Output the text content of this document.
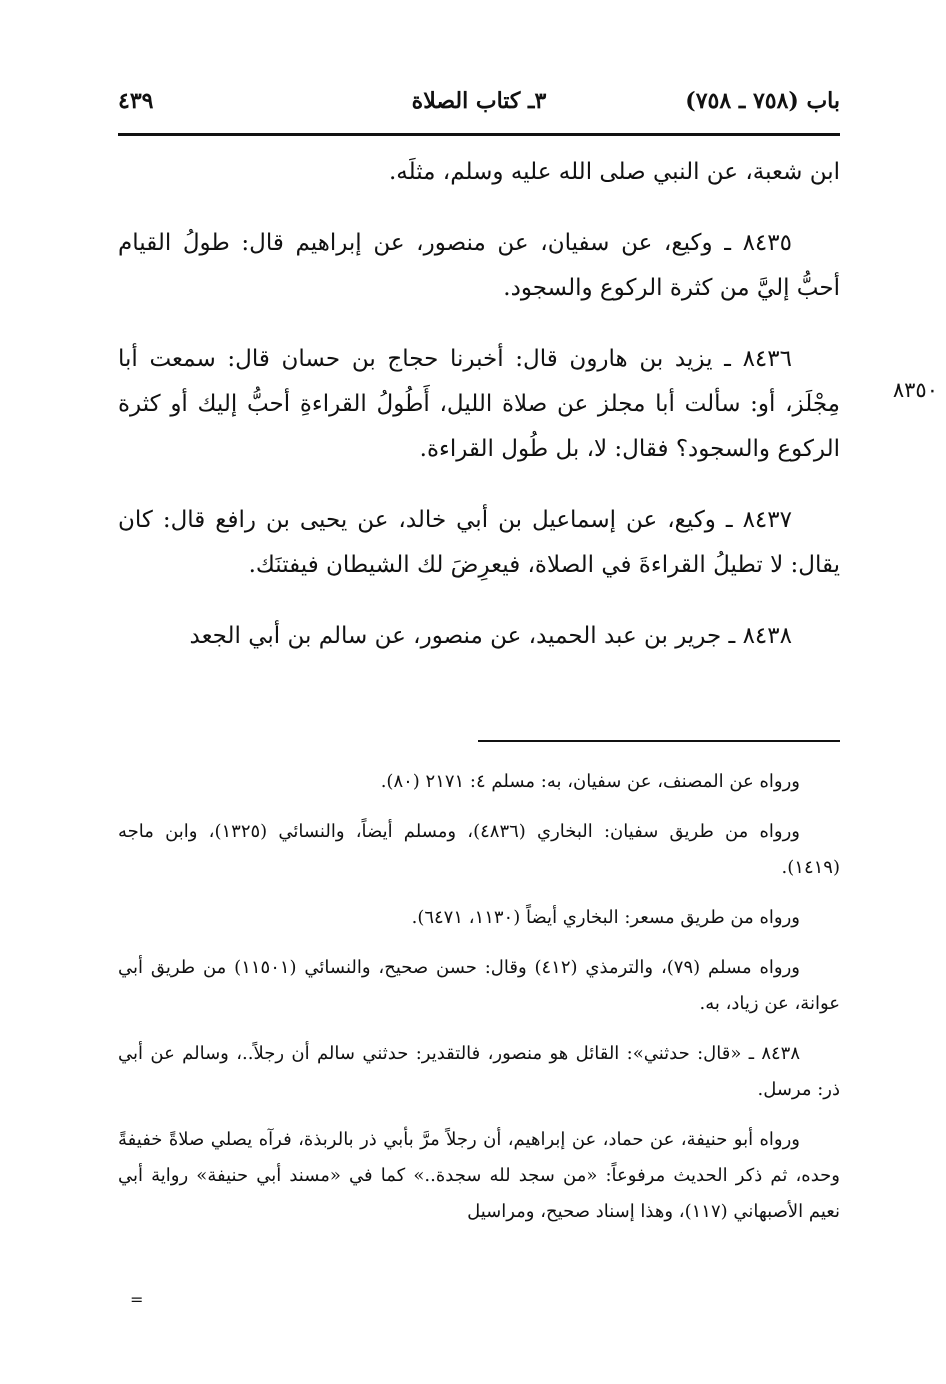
باب (٧٥٨ ـ ٧٥٨)
٣ـ كتاب الصلاة
٤٣٩

ابن شعبة، عن النبي صلى الله عليه وسلم، مثلَه.

٨٤٣٥ ـ وكيع، عن سفيان، عن منصور، عن إبراهيم قال: طولُ القيام أحبُّ إليَّ من كثرة الركوع والسجود.

٨٤٣٦ ـ يزيد بن هارون قال: أخبرنا حجاج بن حسان قال: سمعت أبا مِجْلَز، أو: سألت أبا مجلز عن صلاة الليل، أَطُولُ القراءةِ أحبُّ إليك أو كثرة الركوع والسجود؟ فقال: لا، بل طُول القراءة.

٨٤٣٧ ـ وكيع، عن إسماعيل بن أبي خالد، عن يحيى بن رافع قال: كان يقال: لا تطيلُ القراءةَ في الصلاة، فيعرِضَ لك الشيطان فيفتنَك.

٨٤٣٨ ـ جرير بن عبد الحميد، عن منصور، عن سالم بن أبي الجعد

٨٣٥٠

ورواه عن المصنف، عن سفيان، به: مسلم ٤: ٢١٧١ (٨٠).

ورواه من طريق سفيان: البخاري (٤٨٣٦)، ومسلم أيضاً، والنسائي (١٣٢٥)، وابن ماجه (١٤١٩).

ورواه من طريق مسعر: البخاري أيضاً (١١٣٠، ٦٤٧١).

ورواه مسلم (٧٩)، والترمذي (٤١٢) وقال: حسن صحيح، والنسائي (١١٥٠١) من طريق أبي عوانة، عن زياد، به.

٨٤٣٨ ـ «قال: حدثني»: القائل هو منصور، فالتقدير: حدثني سالم أن رجلاً..، وسالم عن أبي ذر: مرسل.

ورواه أبو حنيفة، عن حماد، عن إبراهيم، أن رجلاً مرَّ بأبي ذر بالربذة، فرآه يصلي صلاةً خفيفةً وحده، ثم ذكر الحديث مرفوعاً: «من سجد لله سجدة..» كما في «مسند أبي حنيفة» رواية أبي نعيم الأصبهاني (١١٧)، وهذا إسناد صحيح، ومراسيل

=
